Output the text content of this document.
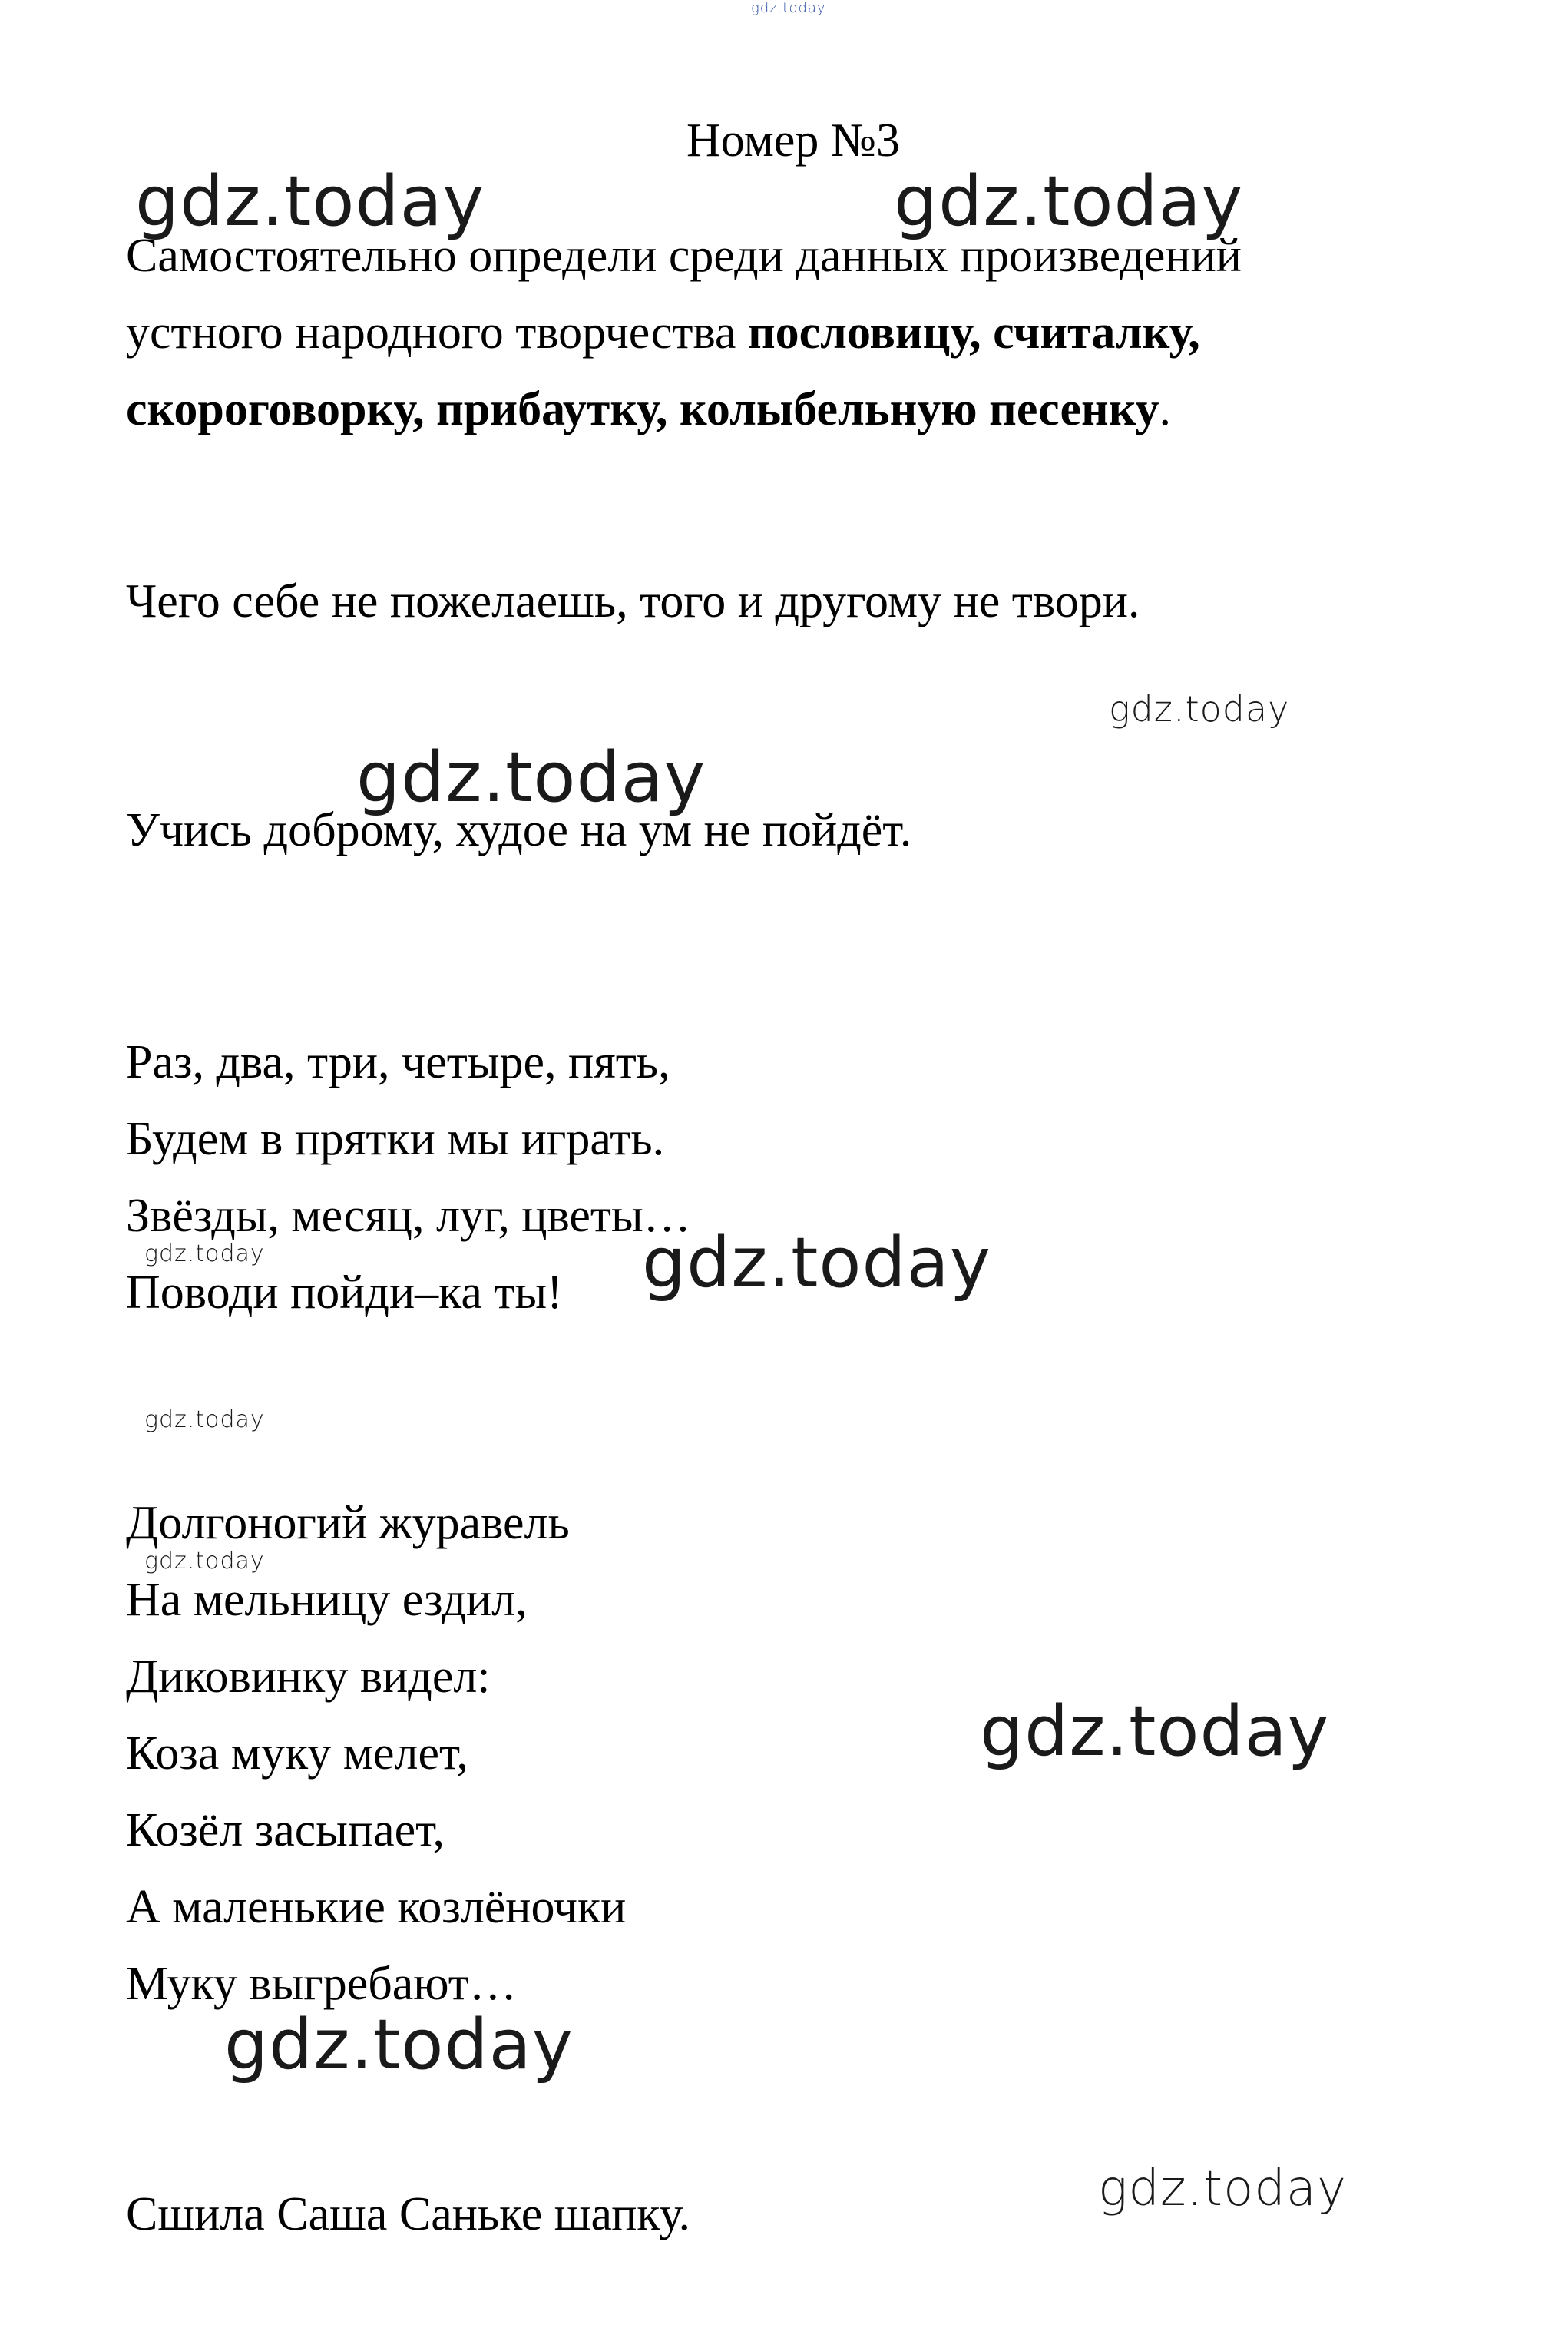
Номер №3
Самостоятельно определи среди данных произведений
устного народного творчества пословицу, считалку,
скороговорку, прибаутку, колыбельную песенку.
Чего себе не пожелаешь, того и другому не твори.
Учись доброму, худое на ум не пойдёт.
Раз, два, три, четыре, пять,
Будем в прятки мы играть.
Звёзды, месяц, луг, цветы…
Поводи пойди–ка ты!
Долгоногий журавель
На мельницу ездил,
Диковинку видел:
Коза муку мелет,
Козёл засыпает,
А маленькие козлёночки
Муку выгребают…
Сшила Саша Саньке шапку.
gdz.today
gdz.today	gdz.today
gdz.today
gdz.today
gdz.today	gdz.today
gdz.today
gdz.today
gdz.today
gdz.today
gdz.today
